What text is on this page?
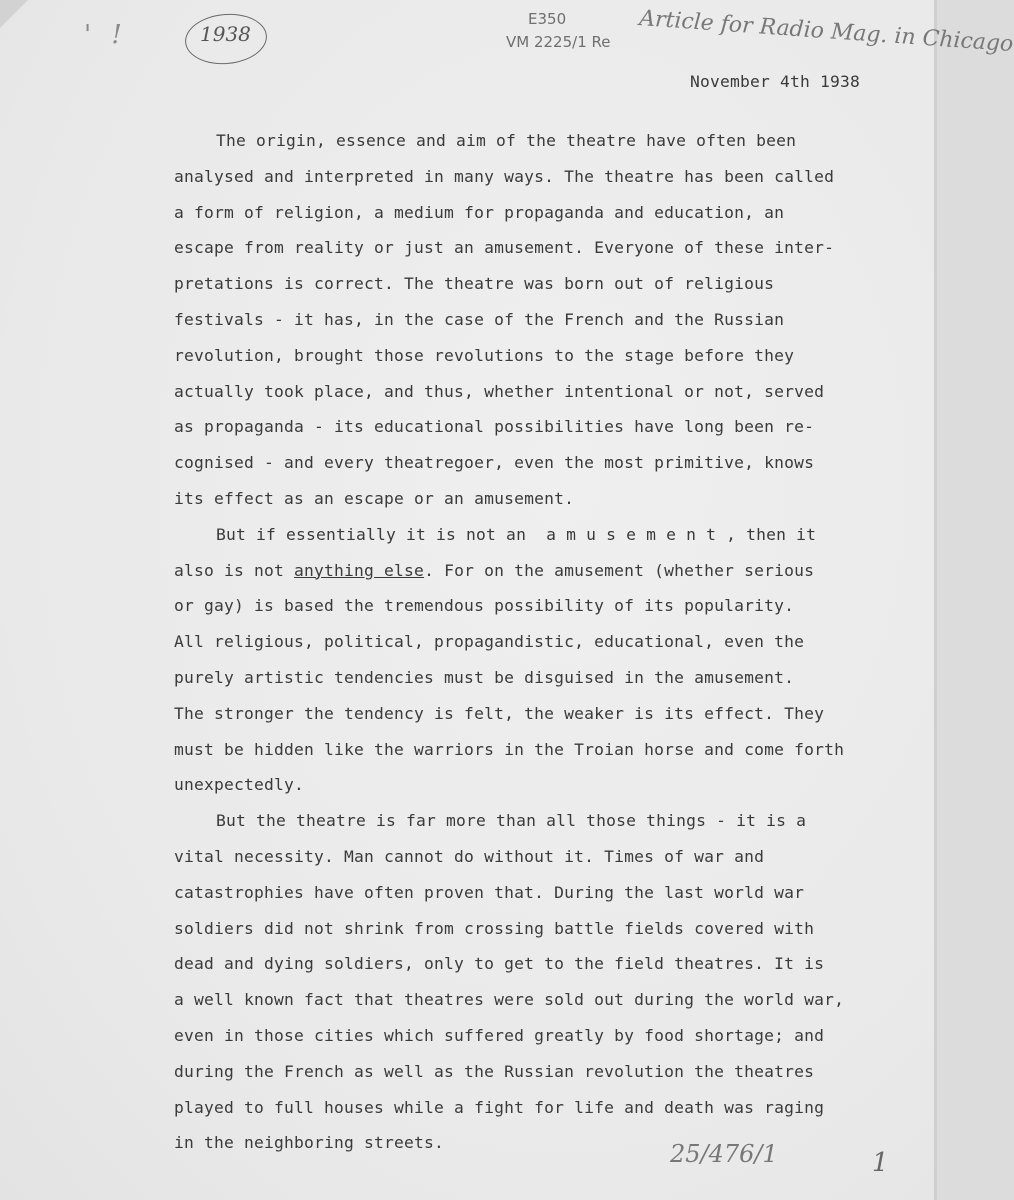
' !	1938
E350
VM 2225/1 Re Article for Radio Mag. in Chicago
November 4th 1938
The origin, essence and aim of the theatre have often been
analysed and interpreted in many ways. The theatre has been called
a form of religion, a medium for propaganda and education, an
escape from reality or just an amusement. Everyone of these inter-
pretations is correct. The theatre was born out of religious
festivals - it has, in the case of the French and the Russian
revolution, brought those revolutions to the stage before they
actually took place, and thus, whether intentional or not, served
as propaganda - its educational possibilities have long been re-
cognised - and every theatregoer, even the most primitive, knows
its effect as an escape or an amusement.
But if essentially it is not an  a m u s e m e n t , then it
also is not anything else. For on the amusement (whether serious
or gay) is based the tremendous possibility of its popularity.
All religious, political, propagandistic, educational, even the
purely artistic tendencies must be disguised in the amusement.
The stronger the tendency is felt, the weaker is its effect. They
must be hidden like the warriors in the Troian horse and come forth
unexpectedly.
But the theatre is far more than all those things - it is a
vital necessity. Man cannot do without it. Times of war and
catastrophies have often proven that. During the last world war
soldiers did not shrink from crossing battle fields covered with
dead and dying soldiers, only to get to the field theatres. It is
a well known fact that theatres were sold out during the world war,
even in those cities which suffered greatly by food shortage; and
during the French as well as the Russian revolution the theatres
played to full houses while a fight for life and death was raging
in the neighboring streets.	25/476/1	1
